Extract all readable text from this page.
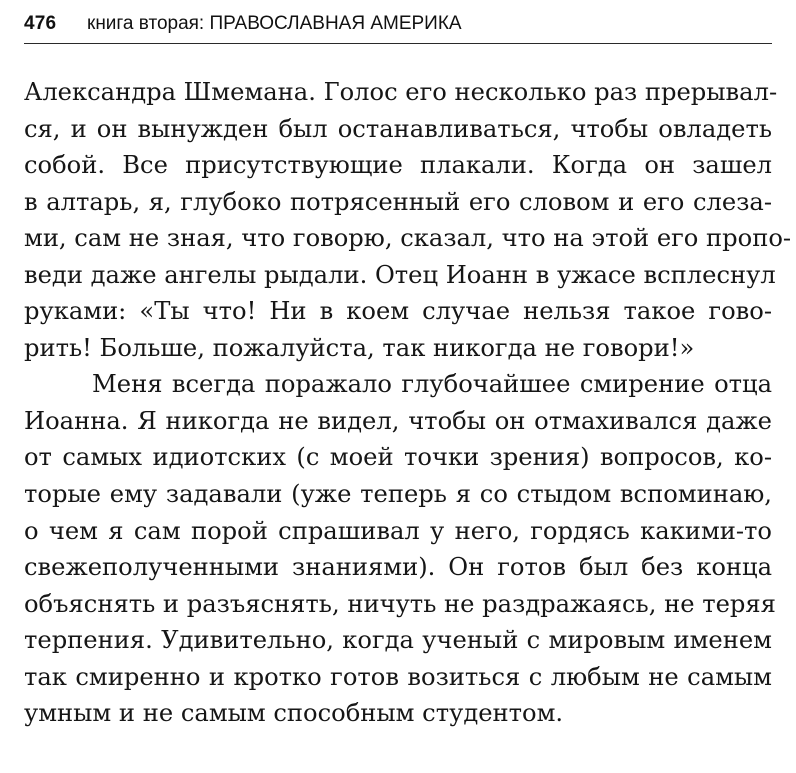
476 книга вторая: ПРАВОСЛАВНАЯ АМЕРИКА
Александра Шмемана. Голос его несколько раз прерывал-
ся, и он вынужден был останавливаться, чтобы овладеть
собой. Все присутствующие плакали. Когда он зашел
в алтарь, я, глубоко потрясенный его словом и его слеза-
ми, сам не зная, что говорю, сказал, что на этой его пропо-
веди даже ангелы рыдали. Отец Иоанн в ужасе всплеснул
руками: «Ты что! Ни в коем случае нельзя такое гово-
рить! Больше, пожалуйста, так никогда не говори!»
Меня всегда поражало глубочайшее смирение отца
Иоанна. Я никогда не видел, чтобы он отмахивался даже
от самых идиотских (с моей точки зрения) вопросов, ко-
торые ему задавали (уже теперь я со стыдом вспоминаю,
о чем я сам порой спрашивал у него, гордясь какими-то
свежеполученными знаниями). Он готов был без конца
объяснять и разъяснять, ничуть не раздражаясь, не теряя
терпения. Удивительно, когда ученый с мировым именем
так смиренно и кротко готов возиться с любым не самым
умным и не самым способным студентом.
